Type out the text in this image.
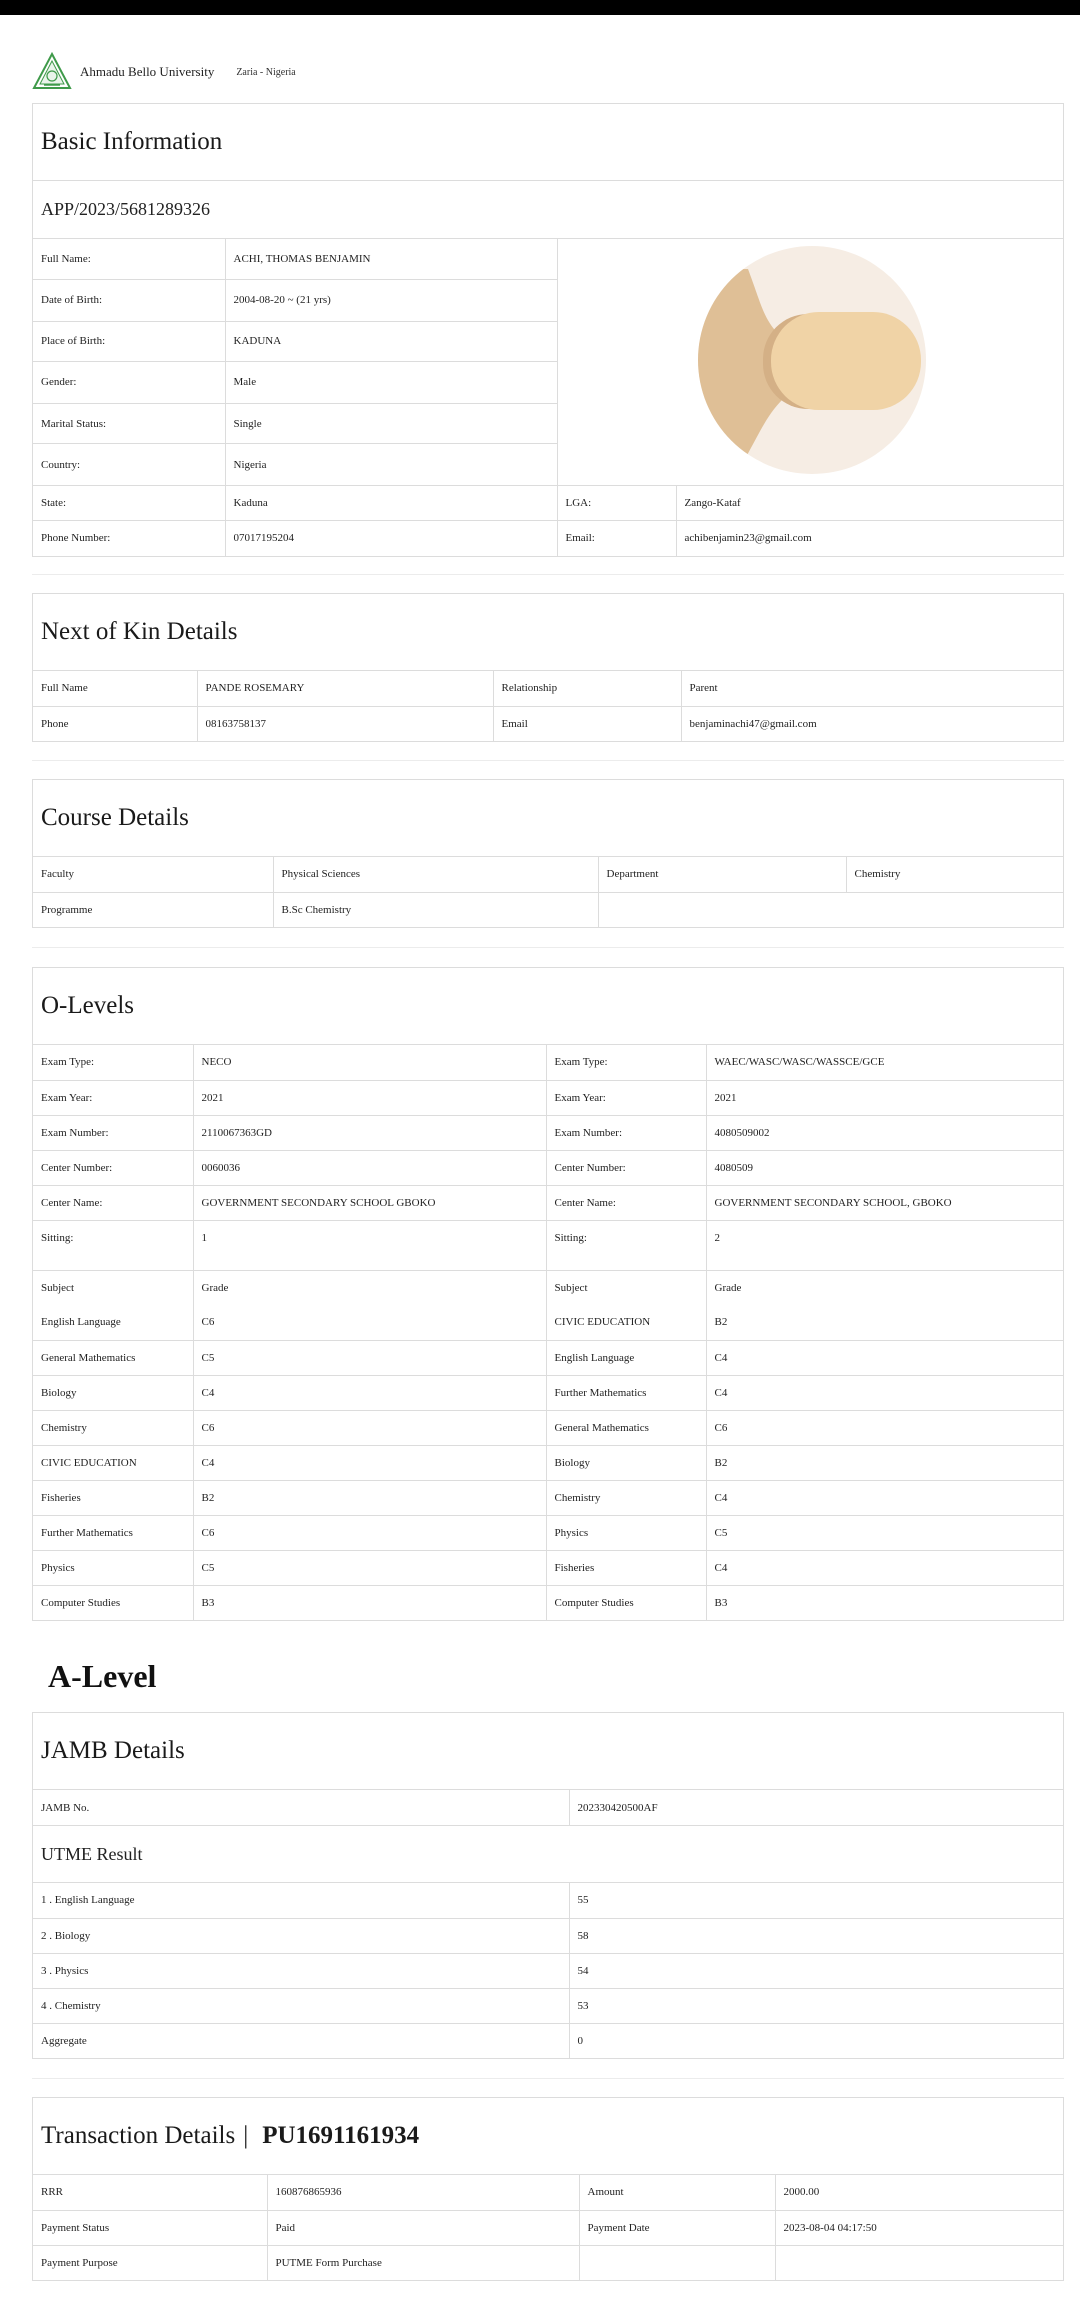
Ahmadu Bello University Zaria - Nigeria
Basic Information
APP/2023/5681289326
Full Name:	ACHI, THOMAS BENJAMIN	
Date of Birth:	2004-08-20 ~ (21 yrs)		
Place of Birth:	KADUNA		
Gender:	Male		
Marital Status:	Single		
Country:	Nigeria		
State:	Kaduna	LGA:	Zango-Kataf
Phone Number:	07017195204	Email:	achibenjamin23@gmail.com
Next of Kin Details
Full Name	PANDE ROSEMARY	Relationship	Parent
Phone	08163758137	Email	benjaminachi47@gmail.com
Course Details
Faculty	Physical Sciences	Department	Chemistry
Programme	B.Sc Chemistry		
O-Levels
Exam Type:	NECO	Exam Type:	WAEC/WASC/WASC/WASSCE/GCE
Exam Year:	2021	Exam Year:	2021
Exam Number:	2110067363GD	Exam Number:	4080509002
Center Number:	0060036	Center Number:	4080509
Center Name:	GOVERNMENT SECONDARY SCHOOL GBOKO	Center Name:	GOVERNMENT SECONDARY SCHOOL, GBOKO
Sitting:	1	Sitting:	2

Subject	Grade	Subject	Grade
English Language	C6	CIVIC EDUCATION	B2
General Mathematics	C5	English Language	C4
Biology	C4	Further Mathematics	C4
Chemistry	C6	General Mathematics	C6
CIVIC EDUCATION	C4	Biology	B2
Fisheries	B2	Chemistry	C4
Further Mathematics	C6	Physics	C5
Physics	C5	Fisheries	C4
Computer Studies	B3	Computer Studies	B3
A-Level
JAMB Details
JAMB No.	202330420500AF
UTME Result
1 . English Language	55
2 . Biology	58
3 . Physics	54
4 . Chemistry	53
Aggregate	0
Transaction Details | PU1691161934
RRR	160876865936	Amount	2000.00
Payment Status	Paid	Payment Date	2023-08-04 04:17:50
Payment Purpose	PUTME Form Purchase		
